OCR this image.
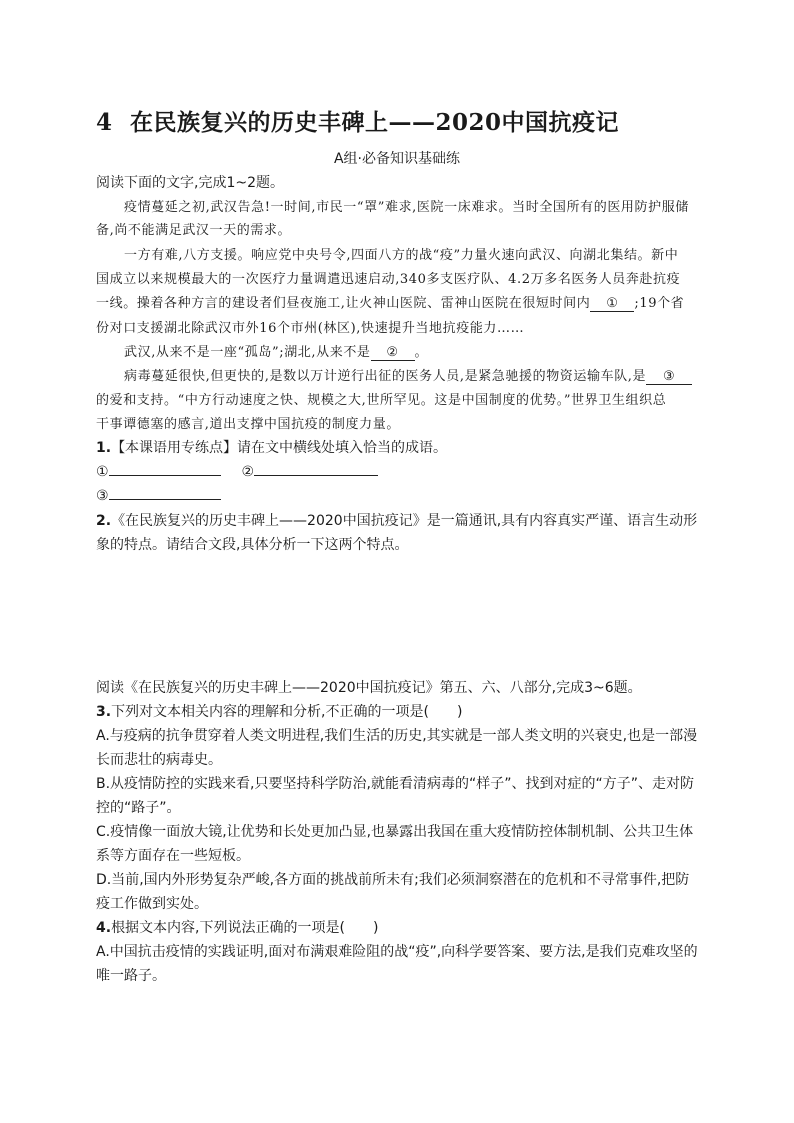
4 在民族复兴的历史丰碑上——2020中国抗疫记
A组·必备知识基础练
阅读下面的文字,完成1~2题。
疫情蔓延之初,武汉告急!一时间,市民一“罩”难求,医院一床难求。当时全国所有的医用防护服储
备,尚不能满足武汉一天的需求。
一方有难,八方支援。响应党中央号令,四面八方的战“疫”力量火速向武汉、向湖北集结。新中
国成立以来规模最大的一次医疗力量调遣迅速启动,340多支医疗队、4.2万多名医务人员奔赴抗疫
一线。操着各种方言的建设者们昼夜施工,让火神山医院、雷神山医院在很短时间内 ① ;19个省
份对口支援湖北除武汉市外16个市州(林区),快速提升当地抗疫能力……
武汉,从来不是一座“孤岛”;湖北,从来不是 ② 。
病毒蔓延很快,但更快的,是数以万计逆行出征的医务人员,是紧急驰援的物资运输车队,是 ③
的爱和支持。“中方行动速度之快、规模之大,世所罕见。这是中国制度的优势。”世界卫生组织总
干事谭德塞的感言,道出支撑中国抗疫的制度力量。
1.【本课语用专练点】请在文中横线处填入恰当的成语。
①	②
③
2.《在民族复兴的历史丰碑上——2020中国抗疫记》是一篇通讯,具有内容真实严谨、语言生动形
象的特点。请结合文段,具体分析一下这两个特点。
阅读《在民族复兴的历史丰碑上——2020中国抗疫记》第五、六、八部分,完成3~6题。
3.下列对文本相关内容的理解和分析,不正确的一项是(　　)
A.与疫病的抗争贯穿着人类文明进程,我们生活的历史,其实就是一部人类文明的兴衰史,也是一部漫
长而悲壮的病毒史。
B.从疫情防控的实践来看,只要坚持科学防治,就能看清病毒的“样子”、找到对症的“方子”、走对防
控的“路子”。
C.疫情像一面放大镜,让优势和长处更加凸显,也暴露出我国在重大疫情防控体制机制、公共卫生体
系等方面存在一些短板。
D.当前,国内外形势复杂严峻,各方面的挑战前所未有;我们必须洞察潜在的危机和不寻常事件,把防
疫工作做到实处。
4.根据文本内容,下列说法正确的一项是(　　)
A.中国抗击疫情的实践证明,面对布满艰难险阻的战“疫”,向科学要答案、要方法,是我们克难攻坚的
唯一路子。
